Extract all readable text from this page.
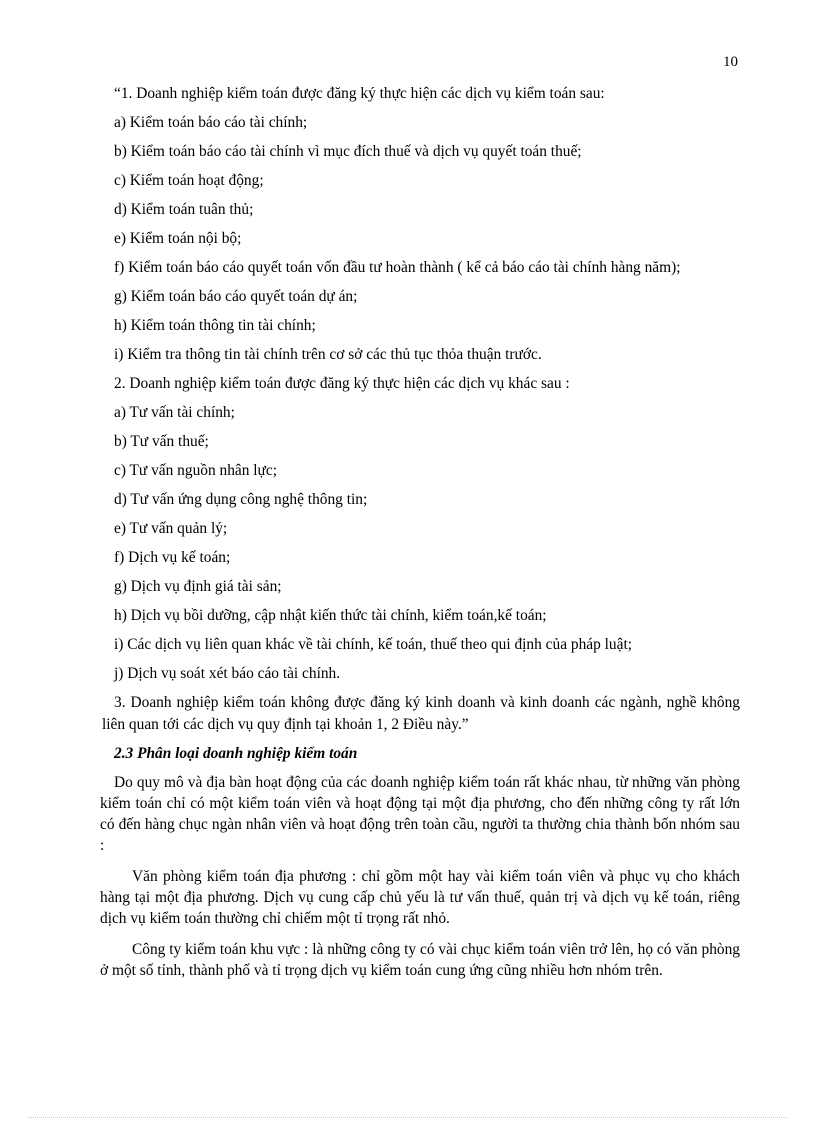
10

“1. Doanh nghiệp kiểm toán được đăng ký thực hiện các dịch vụ kiểm toán sau:

a) Kiểm toán báo cáo tài chính;

b) Kiểm toán báo cáo tài chính vì mục đích thuế và dịch vụ quyết toán thuế;

c) Kiểm toán hoạt động;

d) Kiểm toán tuân thủ;

e) Kiểm toán nội bộ;

f) Kiểm toán báo cáo quyết toán vốn đầu tư hoàn thành ( kể cả báo cáo tài chính hàng năm);

g) Kiểm toán báo cáo quyết toán dự án;

h) Kiểm toán thông tin tài chính;

i) Kiểm tra thông tin tài chính trên cơ sở các thủ tục thỏa thuận trước.

2. Doanh nghiệp kiểm toán được đăng ký thực hiện các dịch vụ khác sau :

a) Tư vấn tài chính;

b) Tư vấn thuế;

c) Tư vấn nguồn nhân lực;

d) Tư vấn ứng dụng công nghệ thông tin;

e) Tư vấn quản lý;

f) Dịch vụ kế toán;

g) Dịch vụ định giá tài sản;

h) Dịch vụ bồi dưỡng, cập nhật kiến thức tài chính, kiểm toán,kế toán;

i) Các dịch vụ liên quan khác về tài chính, kế toán, thuế theo qui định của pháp luật;

j) Dịch vụ soát xét báo cáo tài chính.

3. Doanh nghiệp kiểm toán không được đăng ký kinh doanh và kinh doanh các ngành, nghề không liên quan tới các dịch vụ quy định tại khoản 1, 2 Điều này.”

2.3 Phân loại doanh nghiệp kiểm toán

Do quy mô và địa bàn hoạt động của các doanh nghiệp kiểm toán rất khác nhau, từ những văn phòng kiểm toán chỉ có một kiểm toán viên và hoạt động tại một địa phương, cho đến những công ty rất lớn có đến hàng chục ngàn nhân viên và hoạt động trên toàn cầu, người ta thường chia thành bốn nhóm sau :

Văn phòng kiểm toán địa phương : chỉ gồm một hay vài kiểm toán viên và phục vụ cho khách hàng tại một địa phương. Dịch vụ cung cấp chủ yếu là tư vấn thuế, quản trị và dịch vụ kế toán, riêng dịch vụ kiểm toán thường chỉ chiếm một tỉ trọng rất nhỏ.

Công ty kiểm toán khu vực : là những công ty có vài chục kiểm toán viên trở lên, họ có văn phòng ở một số tỉnh, thành phố và tỉ trọng dịch vụ kiểm toán cung ứng cũng nhiều hơn nhóm trên.
